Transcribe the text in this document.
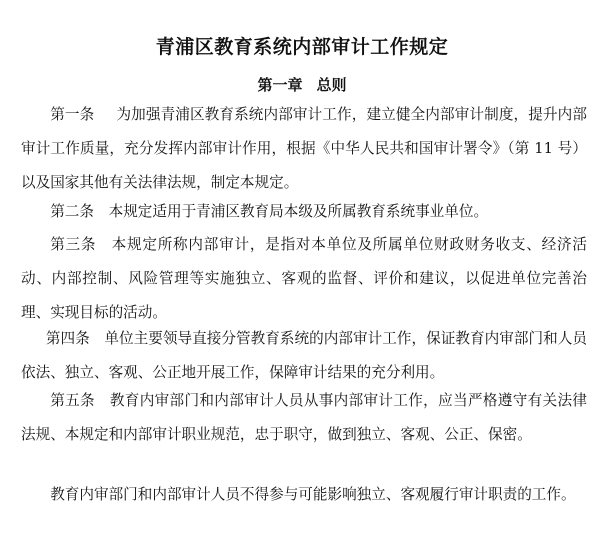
青浦区教育系统内部审计工作规定
第一章 总则

第一条　  为加强青浦区教育系统内部审计工作，建立健全内部审计制度，提升内部审计工作质量，充分发挥内部审计作用，根据《中华人民共和国审计署令》（第 11 号）以及国家其他有关法律法规，制定本规定。

第二条　 本规定适用于青浦区教育局本级及所属教育系统事业单位。

第三条　 本规定所称内部审计，是指对本单位及所属单位财政财务收支、经济活动、内部控制、风险管理等实施独立、客观的监督、评价和建议，以促进单位完善治理、实现目标的活动。

第四条　 单位主要领导直接分管教育系统的内部审计工作，保证教育内审部门和人员依法、独立、客观、公正地开展工作，保障审计结果的充分利用。

第五条　 教育内审部门和内部审计人员从事内部审计工作，应当严格遵守有关法律法规、本规定和内部审计职业规范，忠于职守，做到独立、客观、公正、保密。

教育内审部门和内部审计人员不得参与可能影响独立、客观履行审计职责的工作。
